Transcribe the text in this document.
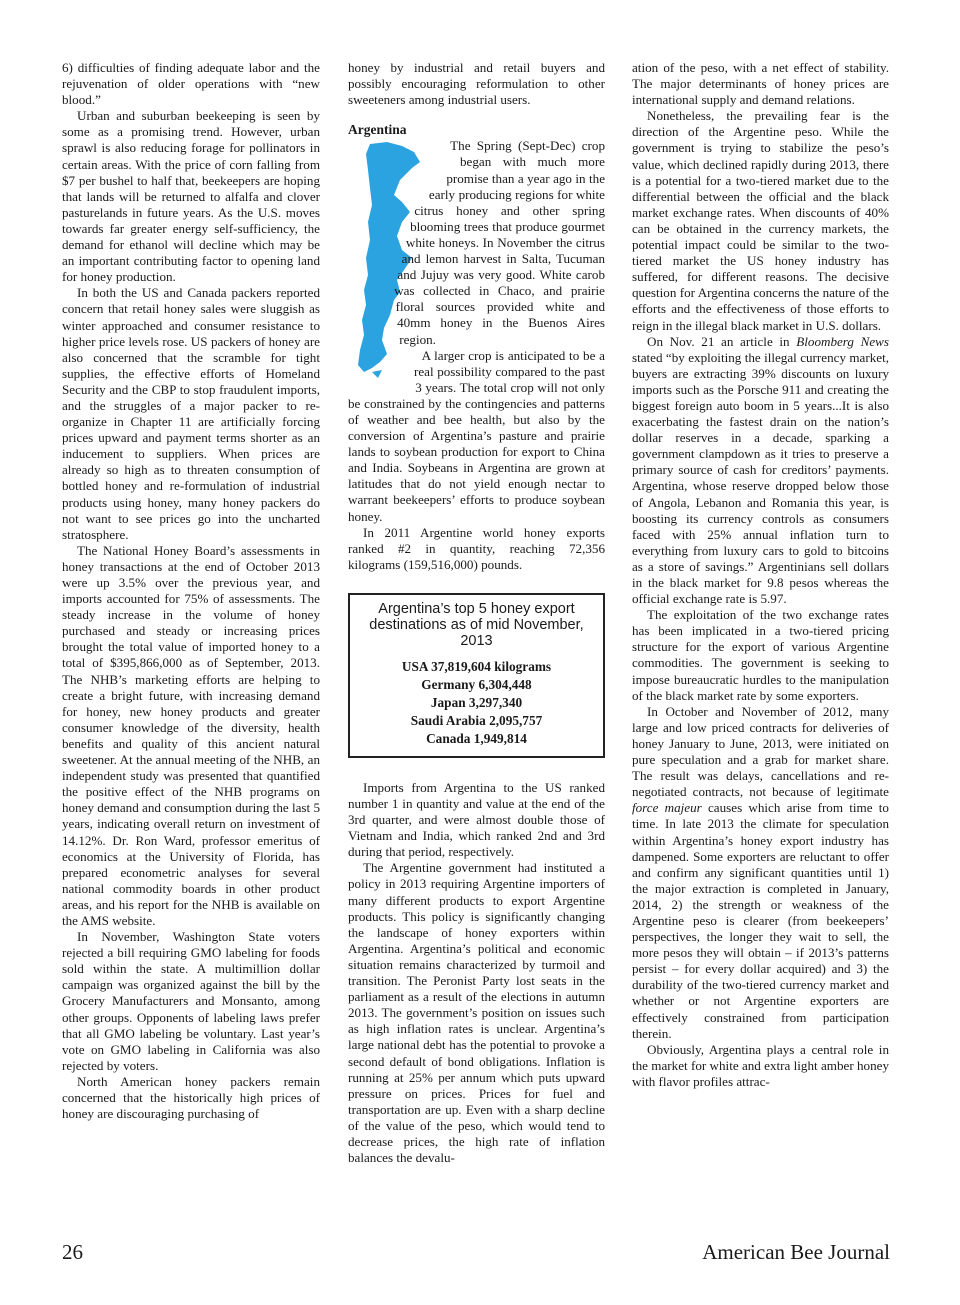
6) difficulties of finding adequate labor and the rejuvenation of older operations with “new blood.”

Urban and suburban beekeeping is seen by some as a promising trend. However, urban sprawl is also reducing forage for pollinators in certain areas. With the price of corn falling from $7 per bushel to half that, beekeepers are hoping that lands will be returned to alfalfa and clover pasturelands in future years. As the U.S. moves towards far greater energy self-sufficiency, the demand for ethanol will decline which may be an important contributing factor to opening land for honey production.

In both the US and Canada packers reported concern that retail honey sales were sluggish as winter approached and consumer resistance to higher price levels rose. US packers of honey are also concerned that the scramble for tight supplies, the effective efforts of Homeland Security and the CBP to stop fraudulent imports, and the struggles of a major packer to re-organize in Chapter 11 are artificially forcing prices upward and payment terms shorter as an inducement to suppliers. When prices are already so high as to threaten consumption of bottled honey and re-formulation of industrial products using honey, many honey packers do not want to see prices go into the uncharted stratosphere.

The National Honey Board’s assessments in honey transactions at the end of October 2013 were up 3.5% over the previous year, and imports accounted for 75% of assessments. The steady increase in the volume of honey purchased and steady or increasing prices brought the total value of imported honey to a total of $395,866,000 as of September, 2013. The NHB’s marketing efforts are helping to create a bright future, with increasing demand for honey, new honey products and greater consumer knowledge of the diversity, health benefits and quality of this ancient natural sweetener. At the annual meeting of the NHB, an independent study was presented that quantified the positive effect of the NHB programs on honey demand and consumption during the last 5 years, indicating overall return on investment of 14.12%. Dr. Ron Ward, professor emeritus of economics at the University of Florida, has prepared econometric analyses for several national commodity boards in other product areas, and his report for the NHB is available on the AMS website.

In November, Washington State voters rejected a bill requiring GMO labeling for foods sold within the state. A multimillion dollar campaign was organized against the bill by the Grocery Manufacturers and Monsanto, among other groups. Opponents of labeling laws prefer that all GMO labeling be voluntary. Last year’s vote on GMO labeling in California was also rejected by voters.

North American honey packers remain concerned that the historically high prices of honey are discouraging purchasing of

honey by industrial and retail buyers and possibly encouraging reformulation to other sweeteners among industrial users.

Argentina

The Spring (Sept-Dec) crop began with much more promise than a year ago in the early producing regions for white citrus honey and other spring blooming trees that produce gourmet white honeys. In November the citrus and lemon harvest in Salta, Tucuman and Jujuy was very good. White carob was collected in Chaco, and prairie floral sources provided white and 40mm honey in the Buenos Aires region.

A larger crop is anticipated to be a real possibility compared to the past 3 years. The total crop will not only be constrained by the contingencies and patterns of weather and bee health, but also by the conversion of Argentina’s pasture and prairie lands to soybean production for export to China and India. Soybeans in Argentina are grown at latitudes that do not yield enough nectar to warrant beekeepers’ efforts to produce soybean honey.

In 2011 Argentine world honey exports ranked #2 in quantity, reaching 72,356 kilograms (159,516,000) pounds.

Argentina’s top 5 honey export destinations as of mid November, 2013
USA 37,819,604 kilograms
Germany 6,304,448
Japan 3,297,340
Saudi Arabia 2,095,757
Canada 1,949,814

Imports from Argentina to the US ranked number 1 in quantity and value at the end of the 3rd quarter, and were almost double those of Vietnam and India, which ranked 2nd and 3rd during that period, respectively.

The Argentine government had instituted a policy in 2013 requiring Argentine importers of many different products to export Argentine products. This policy is significantly changing the landscape of honey exporters within Argentina. Argentina’s political and economic situation remains characterized by turmoil and transition. The Peronist Party lost seats in the parliament as a result of the elections in autumn 2013. The government’s position on issues such as high inflation rates is unclear. Argentina’s large national debt has the potential to provoke a second default of bond obligations. Inflation is running at 25% per annum which puts upward pressure on prices. Prices for fuel and transportation are up. Even with a sharp decline of the value of the peso, which would tend to decrease prices, the high rate of inflation balances the devalu-

ation of the peso, with a net effect of stability. The major determinants of honey prices are international supply and demand relations.

Nonetheless, the prevailing fear is the direction of the Argentine peso. While the government is trying to stabilize the peso’s value, which declined rapidly during 2013, there is a potential for a two-tiered market due to the differential between the official and the black market exchange rates. When discounts of 40% can be obtained in the currency markets, the potential impact could be similar to the two-tiered market the US honey industry has suffered, for different reasons. The decisive question for Argentina concerns the nature of the efforts and the effectiveness of those efforts to reign in the illegal black market in U.S. dollars.

On Nov. 21 an article in Bloomberg News stated “by exploiting the illegal currency market, buyers are extracting 39% discounts on luxury imports such as the Porsche 911 and creating the biggest foreign auto boom in 5 years...It is also exacerbating the fastest drain on the nation’s dollar reserves in a decade, sparking a government clampdown as it tries to preserve a primary source of cash for creditors’ payments. Argentina, whose reserve dropped below those of Angola, Lebanon and Romania this year, is boosting its currency controls as consumers faced with 25% annual inflation turn to everything from luxury cars to gold to bitcoins as a store of savings.” Argentinians sell dollars in the black market for 9.8 pesos whereas the official exchange rate is 5.97.

The exploitation of the two exchange rates has been implicated in a two-tiered pricing structure for the export of various Argentine commodities. The government is seeking to impose bureaucratic hurdles to the manipulation of the black market rate by some exporters.

In October and November of 2012, many large and low priced contracts for deliveries of honey January to June, 2013, were initiated on pure speculation and a grab for market share. The result was delays, cancellations and re-negotiated contracts, not because of legitimate force majeur causes which arise from time to time. In late 2013 the climate for speculation within Argentina’s honey export industry has dampened. Some exporters are reluctant to offer and confirm any significant quantities until 1) the major extraction is completed in January, 2014, 2) the strength or weakness of the Argentine peso is clearer (from beekeepers’ perspectives, the longer they wait to sell, the more pesos they will obtain – if 2013’s patterns persist – for every dollar acquired) and 3) the durability of the two-tiered currency market and whether or not Argentine exporters are effectively constrained from participation therein.

Obviously, Argentina plays a central role in the market for white and extra light amber honey with flavor profiles attrac-

26	American Bee Journal
